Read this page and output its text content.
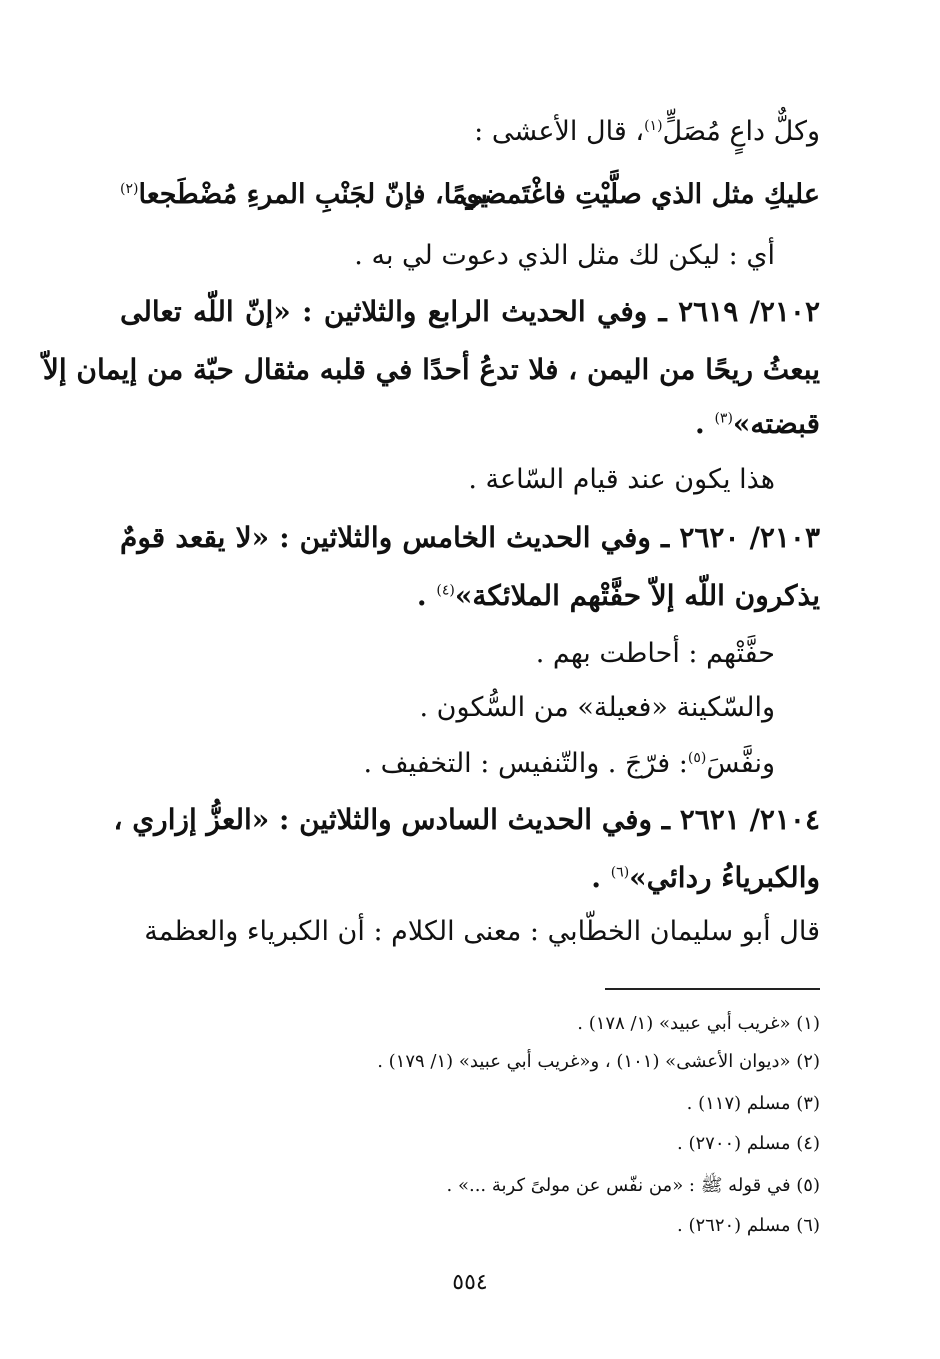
وكلٌّ داعٍ مُصَلٍّ$^{(١)}$، قال الأعشى :
عليكِ مثل الذي صلَّيْتِ فاغْتَمضي
يومًا، فإنّ لجَنْبِ المرءِ مُضْطَجعا$^{(٢)}$
أي : ليكن لك مثل الذي دعوت لي به .
٢١٠٢/ ٢٦١٩ ـ وفي الحديث الرابع والثلاثين : «إنّ اللّه تعالى
يبعثُ ريحًا من اليمن ، فلا تدعُ أحدًا في قلبه مثقال حبّة من إيمان إلاّ
قبضته»$^{(٣)}$ .
هذا يكون عند قيام السّاعة .
٢١٠٣/ ٢٦٢٠ ـ وفي الحديث الخامس والثلاثين : «لا يقعد قومٌ
يذكرون اللّه إلاّ حفَّتْهم الملائكة»$^{(٤)}$ .
حفَّتْهم : أحاطت بهم .
والسّكينة «فعيلة» من السُّكون .
ونفَّسَ$^{(٥)}$: فرّجَ . والتّنفيس : التخفيف .
٢١٠٤/ ٢٦٢١ ـ وفي الحديث السادس والثلاثين : «العزُّ إزاري ،
والكبرياءُ ردائي»$^{(٦)}$ .
قال أبو سليمان الخطّابي : معنى الكلام : أن الكبرياء والعظمة
(١) «غريب أبي عبيد» (١/ ١٧٨) .
(٢) «ديوان الأعشى» (١٠١) ، و«غريب أبي عبيد» (١/ ١٧٩) .
(٣) مسلم (١١٧) .
(٤) مسلم (٢٧٠٠) .
(٥) في قوله ﷺ : «من نفّس عن مولىً كربة ...» .
(٦) مسلم (٢٦٢٠) .
٥٥٤
